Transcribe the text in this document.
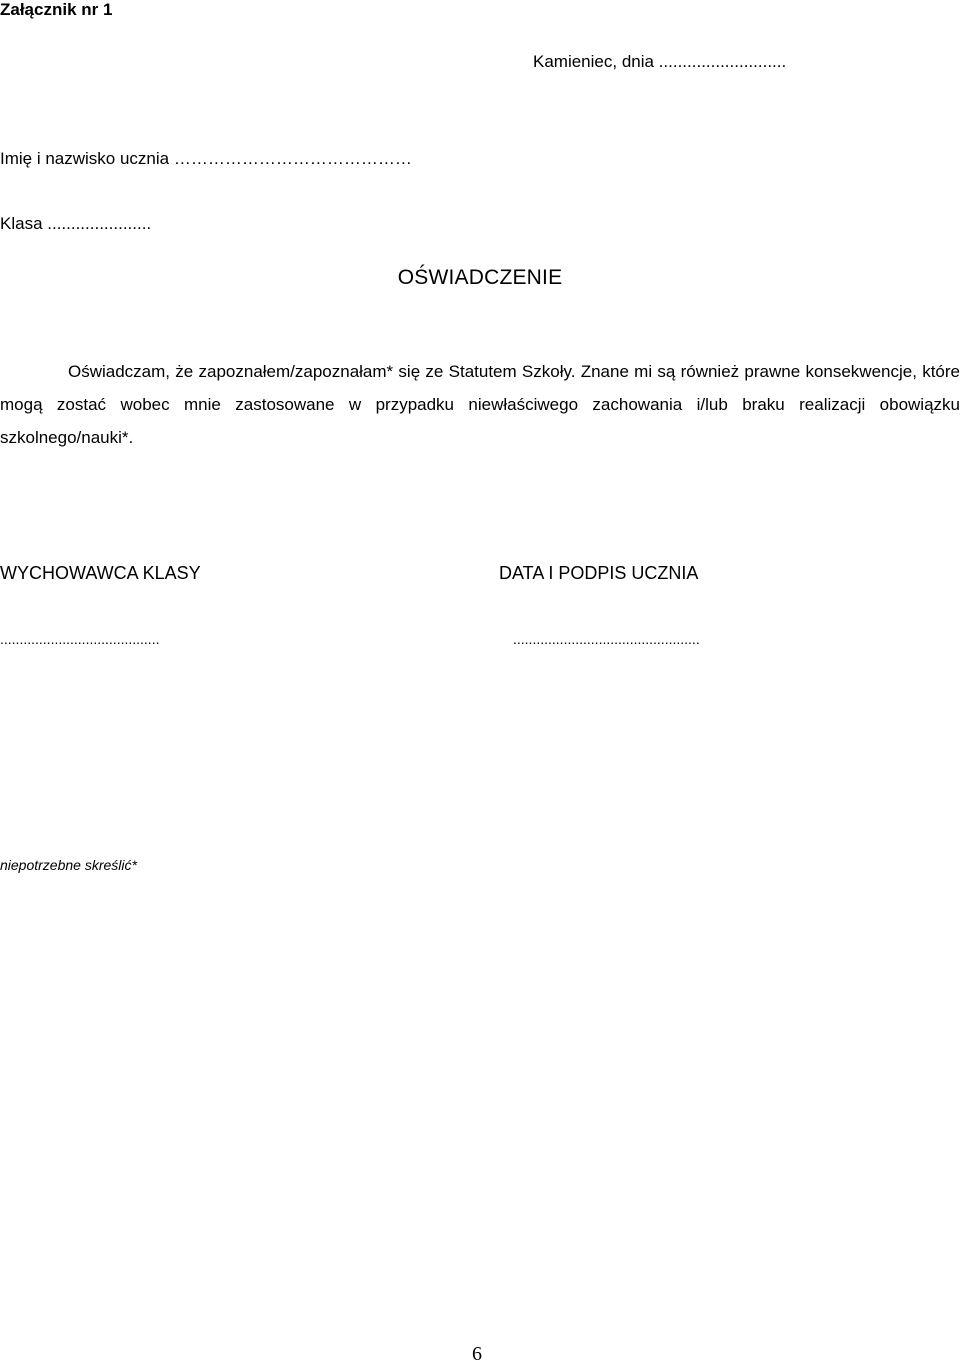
Załącznik nr 1
Kamieniec, dnia ...........................
Imię i nazwisko ucznia ……………………………………
Klasa ......................
OŚWIADCZENIE
Oświadczam, że zapoznałem/zapoznałam* się ze Statutem Szkoły. Znane mi są również prawne konsekwencje, które mogą zostać wobec mnie zastosowane w przypadku niewłaściwego zachowania i/lub braku realizacji obowiązku szkolnego/nauki*.
WYCHOWAWCA KLASY	DATA I PODPIS UCZNIA
.........................................	................................................
niepotrzebne skreślić*
6
